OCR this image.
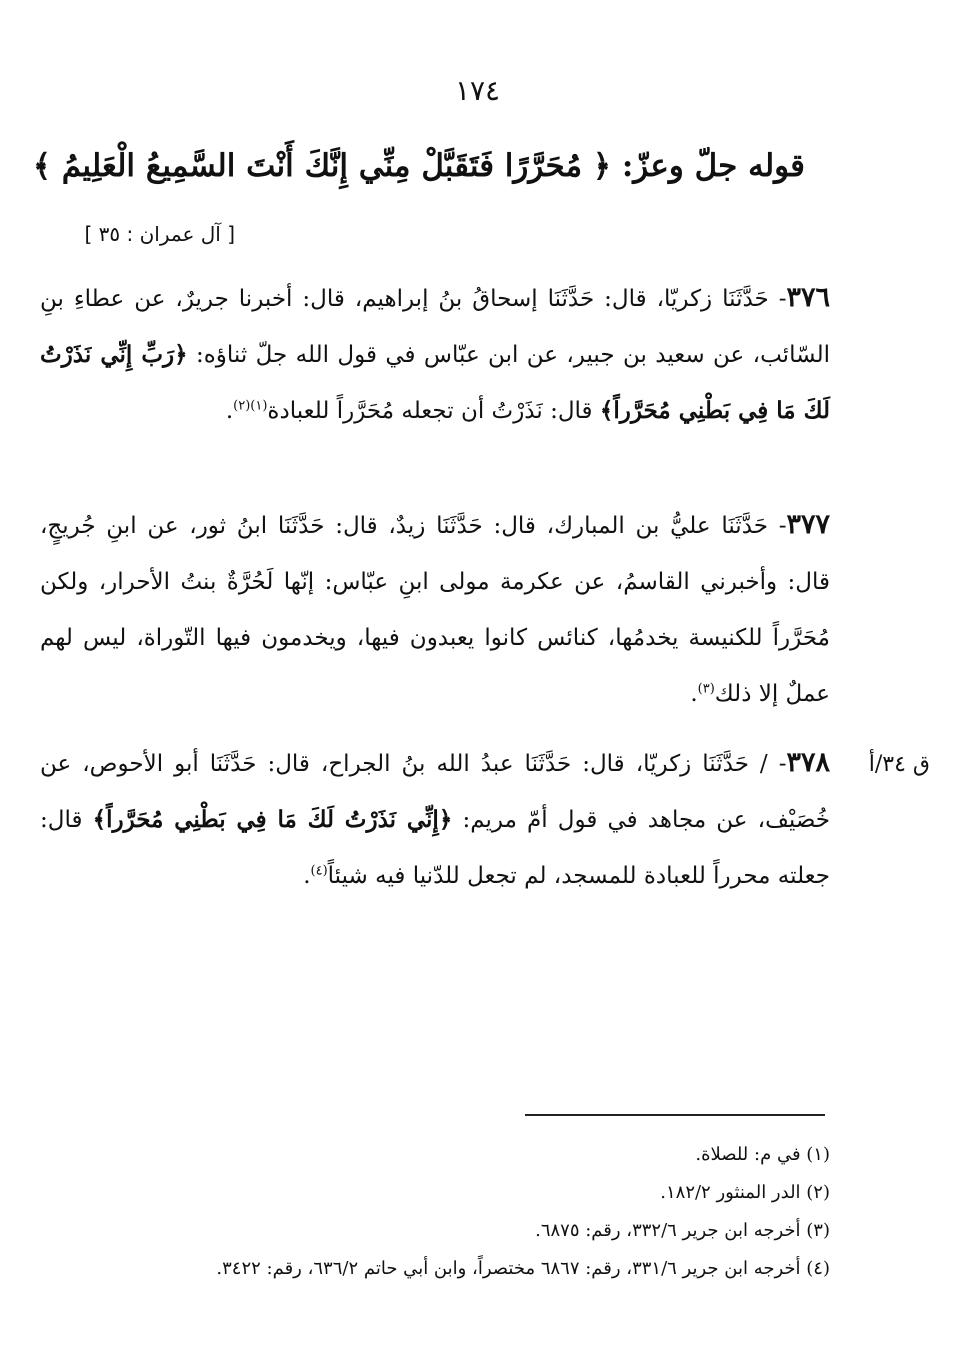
١٧٤
قوله جلّ وعزّ: ﴿ مُحَرَّرًا فَتَقَبَّلْ مِنِّي إِنَّكَ أَنْتَ السَّمِيعُ الْعَلِيمُ ﴾
[ آل عمران : ٣٥ ]
٣٧٦- حَدَّثَنَا زكريّا، قال: حَدَّثَنَا إسحاقُ بنُ إبراهيم، قال: أخبرنا جريرٌ، عن عطاءِ بنِ السّائب، عن سعيد بن جبير، عن ابن عبّاس في قول الله جلّ ثناؤه: ﴿رَبِّ إِنِّي نَذَرْتُ لَكَ مَا فِي بَطْنِي مُحَرَّراً﴾ قال: نَذَرْتُ أن تجعله مُحَرَّراً للعبادة$^{(١)(٢)}$.
٣٧٧- حَدَّثَنَا عليُّ بن المبارك، قال: حَدَّثَنَا زيدٌ، قال: حَدَّثَنَا ابنُ ثور، عن ابنِ جُريجٍ، قال: وأخبرني القاسمُ، عن عكرمة مولى ابنِ عبّاس: إنّها لَحُرَّةٌ بنتُ الأحرار، ولكن مُحَرَّراً للكنيسة يخدمُها، كنائس كانوا يعبدون فيها، ويخدمون فيها التّوراة، ليس لهم عملٌ إلا ذلك$^{(٣)}$.
ق ٣٤/أ
٣٧٨- / حَدَّثَنَا زكريّا، قال: حَدَّثَنَا عبدُ الله بنُ الجراح، قال: حَدَّثَنَا أبو الأحوص، عن خُصَيْف، عن مجاهد في قول أمّ مريم: ﴿إِنِّي نَذَرْتُ لَكَ مَا فِي بَطْنِي مُحَرَّراً﴾ قال: جعلته محرراً للعبادة للمسجد، لم تجعل للدّنيا فيه شيئاً$^{(٤)}$.
(١) في م: للصلاة.
(٢) الدر المنثور ١٨٢/٢.
(٣) أخرجه ابن جرير ٣٣٢/٦، رقم: ٦٨٧٥.
(٤) أخرجه ابن جرير ٣٣١/٦، رقم: ٦٨٦٧ مختصراً، وابن أبي حاتم ٦٣٦/٢، رقم: ٣٤٢٢.
